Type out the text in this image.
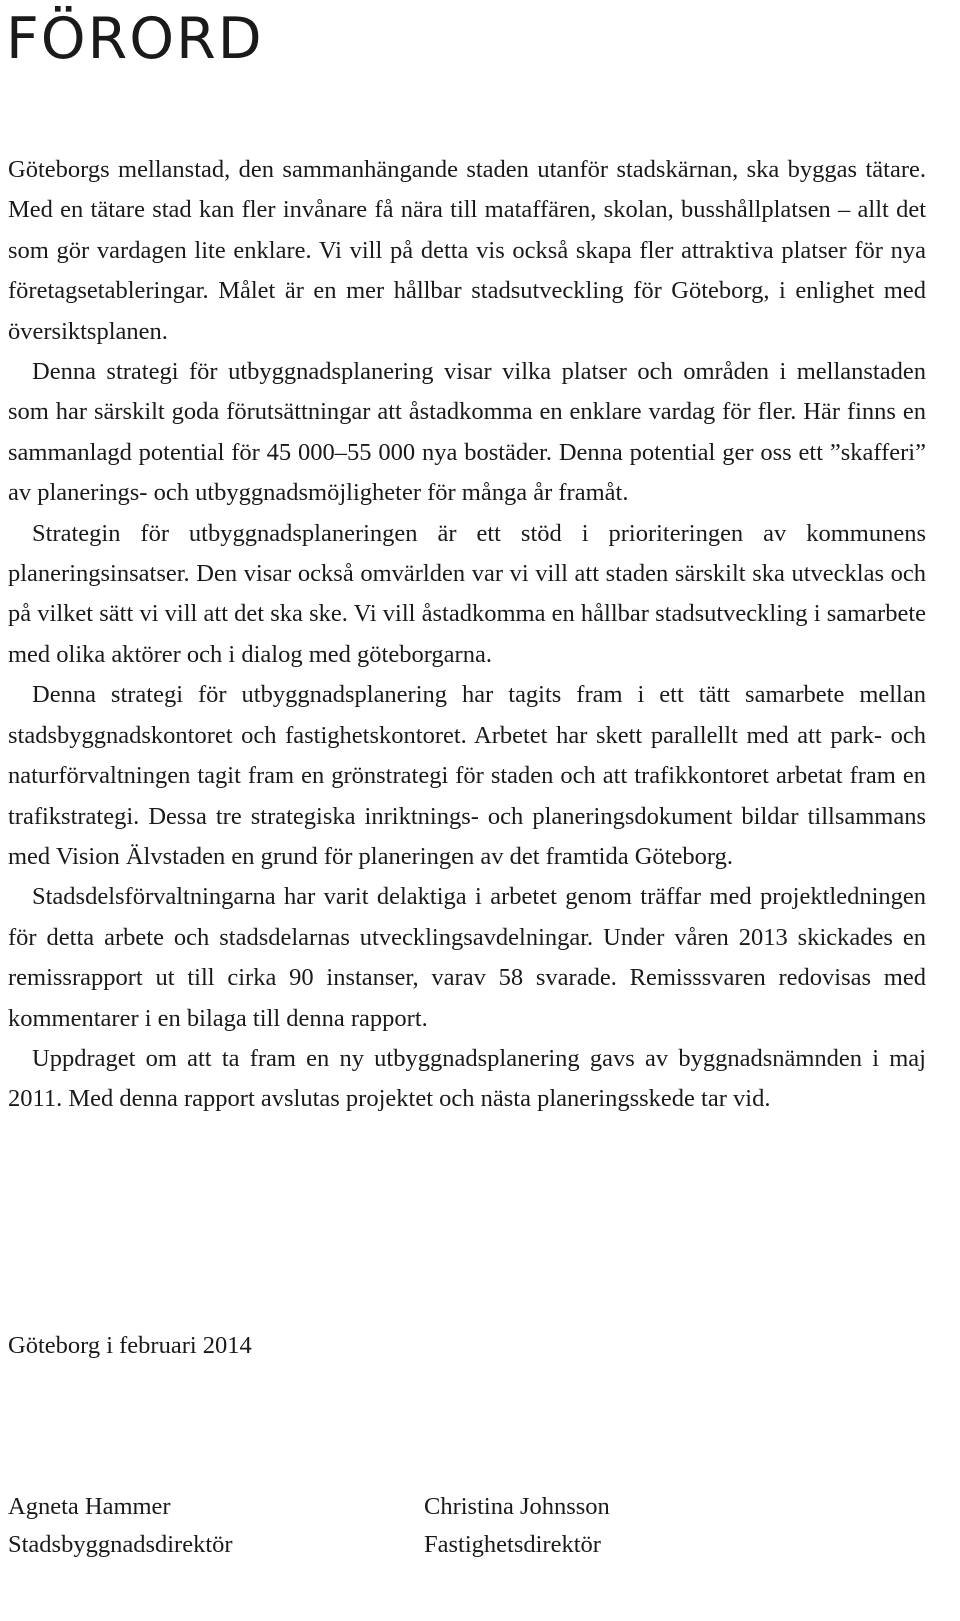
FÖRORD

Göteborgs mellanstad, den sammanhängande staden utanför stadskärnan, ska byggas tätare. Med en tätare stad kan fler invånare få nära till mataffären, skolan, busshållplatsen – allt det som gör vardagen lite enklare. Vi vill på detta vis också skapa fler attraktiva platser för nya företagsetableringar. Målet är en mer hållbar stadsutveckling för Göteborg, i enlighet med översiktsplanen.

Denna strategi för utbyggnadsplanering visar vilka platser och områden i mellanstaden som har särskilt goda förutsättningar att åstadkomma en enklare vardag för fler. Här finns en sammanlagd potential för 45 000–55 000 nya bostäder. Denna potential ger oss ett ”skafferi” av planerings- och utbyggnadsmöjligheter för många år framåt.

Strategin för utbyggnadsplaneringen är ett stöd i prioriteringen av kommunens planeringsinsatser. Den visar också omvärlden var vi vill att staden särskilt ska utvecklas och på vilket sätt vi vill att det ska ske. Vi vill åstadkomma en hållbar stadsutveckling i samarbete med olika aktörer och i dialog med göteborgarna.

Denna strategi för utbyggnadsplanering har tagits fram i ett tätt samarbete mellan stadsbyggnadskontoret och fastighetskontoret. Arbetet har skett parallellt med att park- och naturförvaltningen tagit fram en grönstrategi för staden och att trafikkontoret arbetat fram en trafikstrategi. Dessa tre strategiska inriktnings- och planeringsdokument bildar tillsammans med Vision Älvstaden en grund för planeringen av det framtida Göteborg.

Stadsdelsförvaltningarna har varit delaktiga i arbetet genom träffar med projektledningen för detta arbete och stadsdelarnas utvecklingsavdelningar. Under våren 2013 skickades en remissrapport ut till cirka 90 instanser, varav 58 svarade. Remisssvaren redovisas med kommentarer i en bilaga till denna rapport.

Uppdraget om att ta fram en ny utbyggnadsplanering gavs av byggnadsnämnden i maj 2011. Med denna rapport avslutas projektet och nästa planeringsskede tar vid.

Göteborg i februari 2014

Agneta Hammer
Stadsbyggnadsdirektör
Christina Johnsson
Fastighetsdirektör
